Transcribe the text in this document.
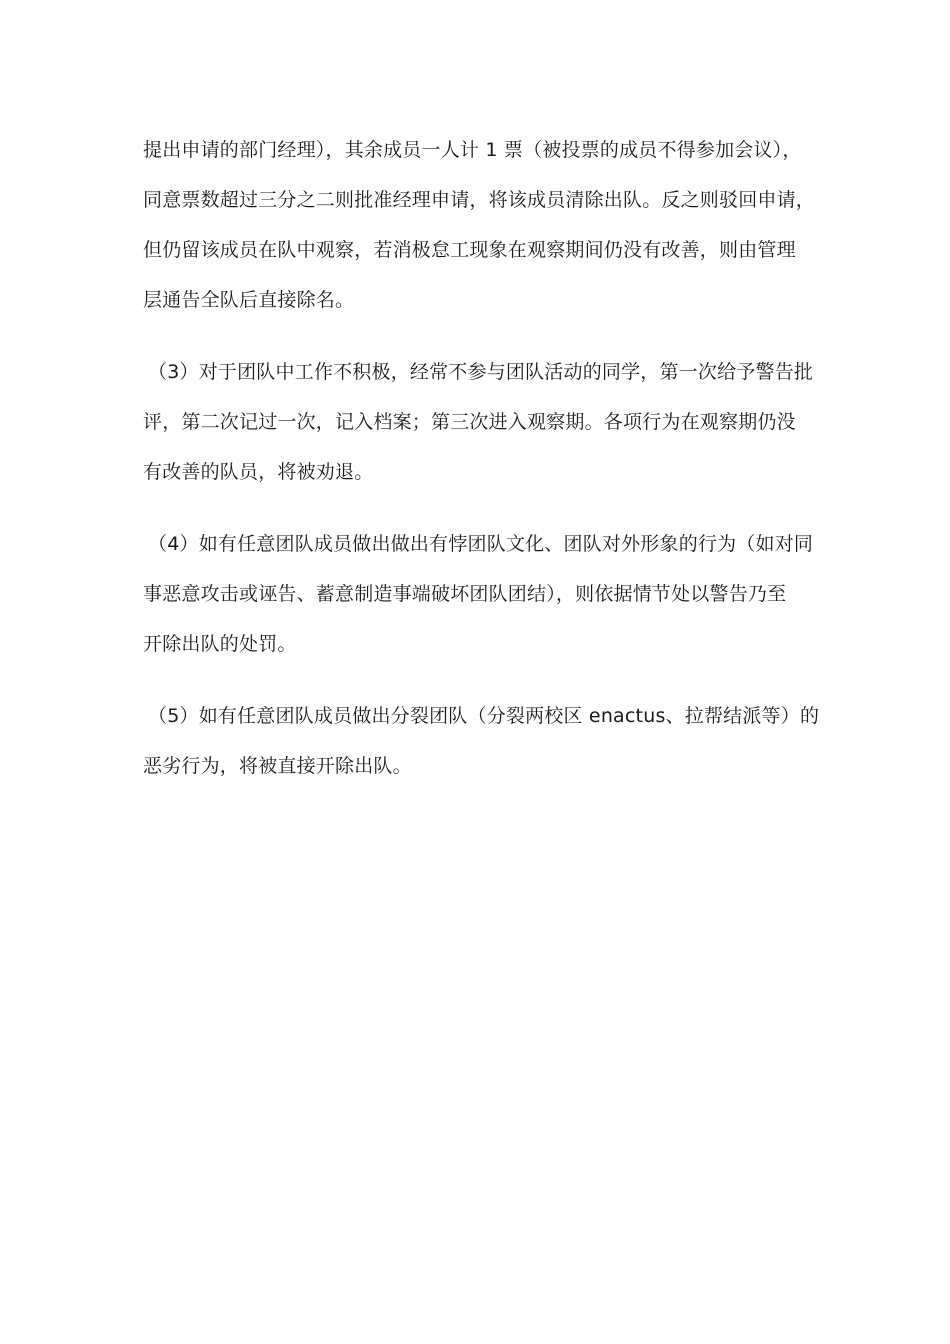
提出申请的部门经理），其余成员一人计 1 票（被投票的成员不得参加会议），
同意票数超过三分之二则批准经理申请，将该成员清除出队。反之则驳回申请，
但仍留该成员在队中观察，若消极怠工现象在观察期间仍没有改善，则由管理
层通告全队后直接除名。
（3）对于团队中工作不积极，经常不参与团队活动的同学，第一次给予警告批
评，第二次记过一次，记入档案；第三次进入观察期。各项行为在观察期仍没
有改善的队员，将被劝退。
（4）如有任意团队成员做出做出有悖团队文化、团队对外形象的行为（如对同
事恶意攻击或诬告、蓄意制造事端破坏团队团结），则依据情节处以警告乃至
开除出队的处罚。
（5）如有任意团队成员做出分裂团队（分裂两校区 enactus、拉帮结派等）的
恶劣行为，将被直接开除出队。
